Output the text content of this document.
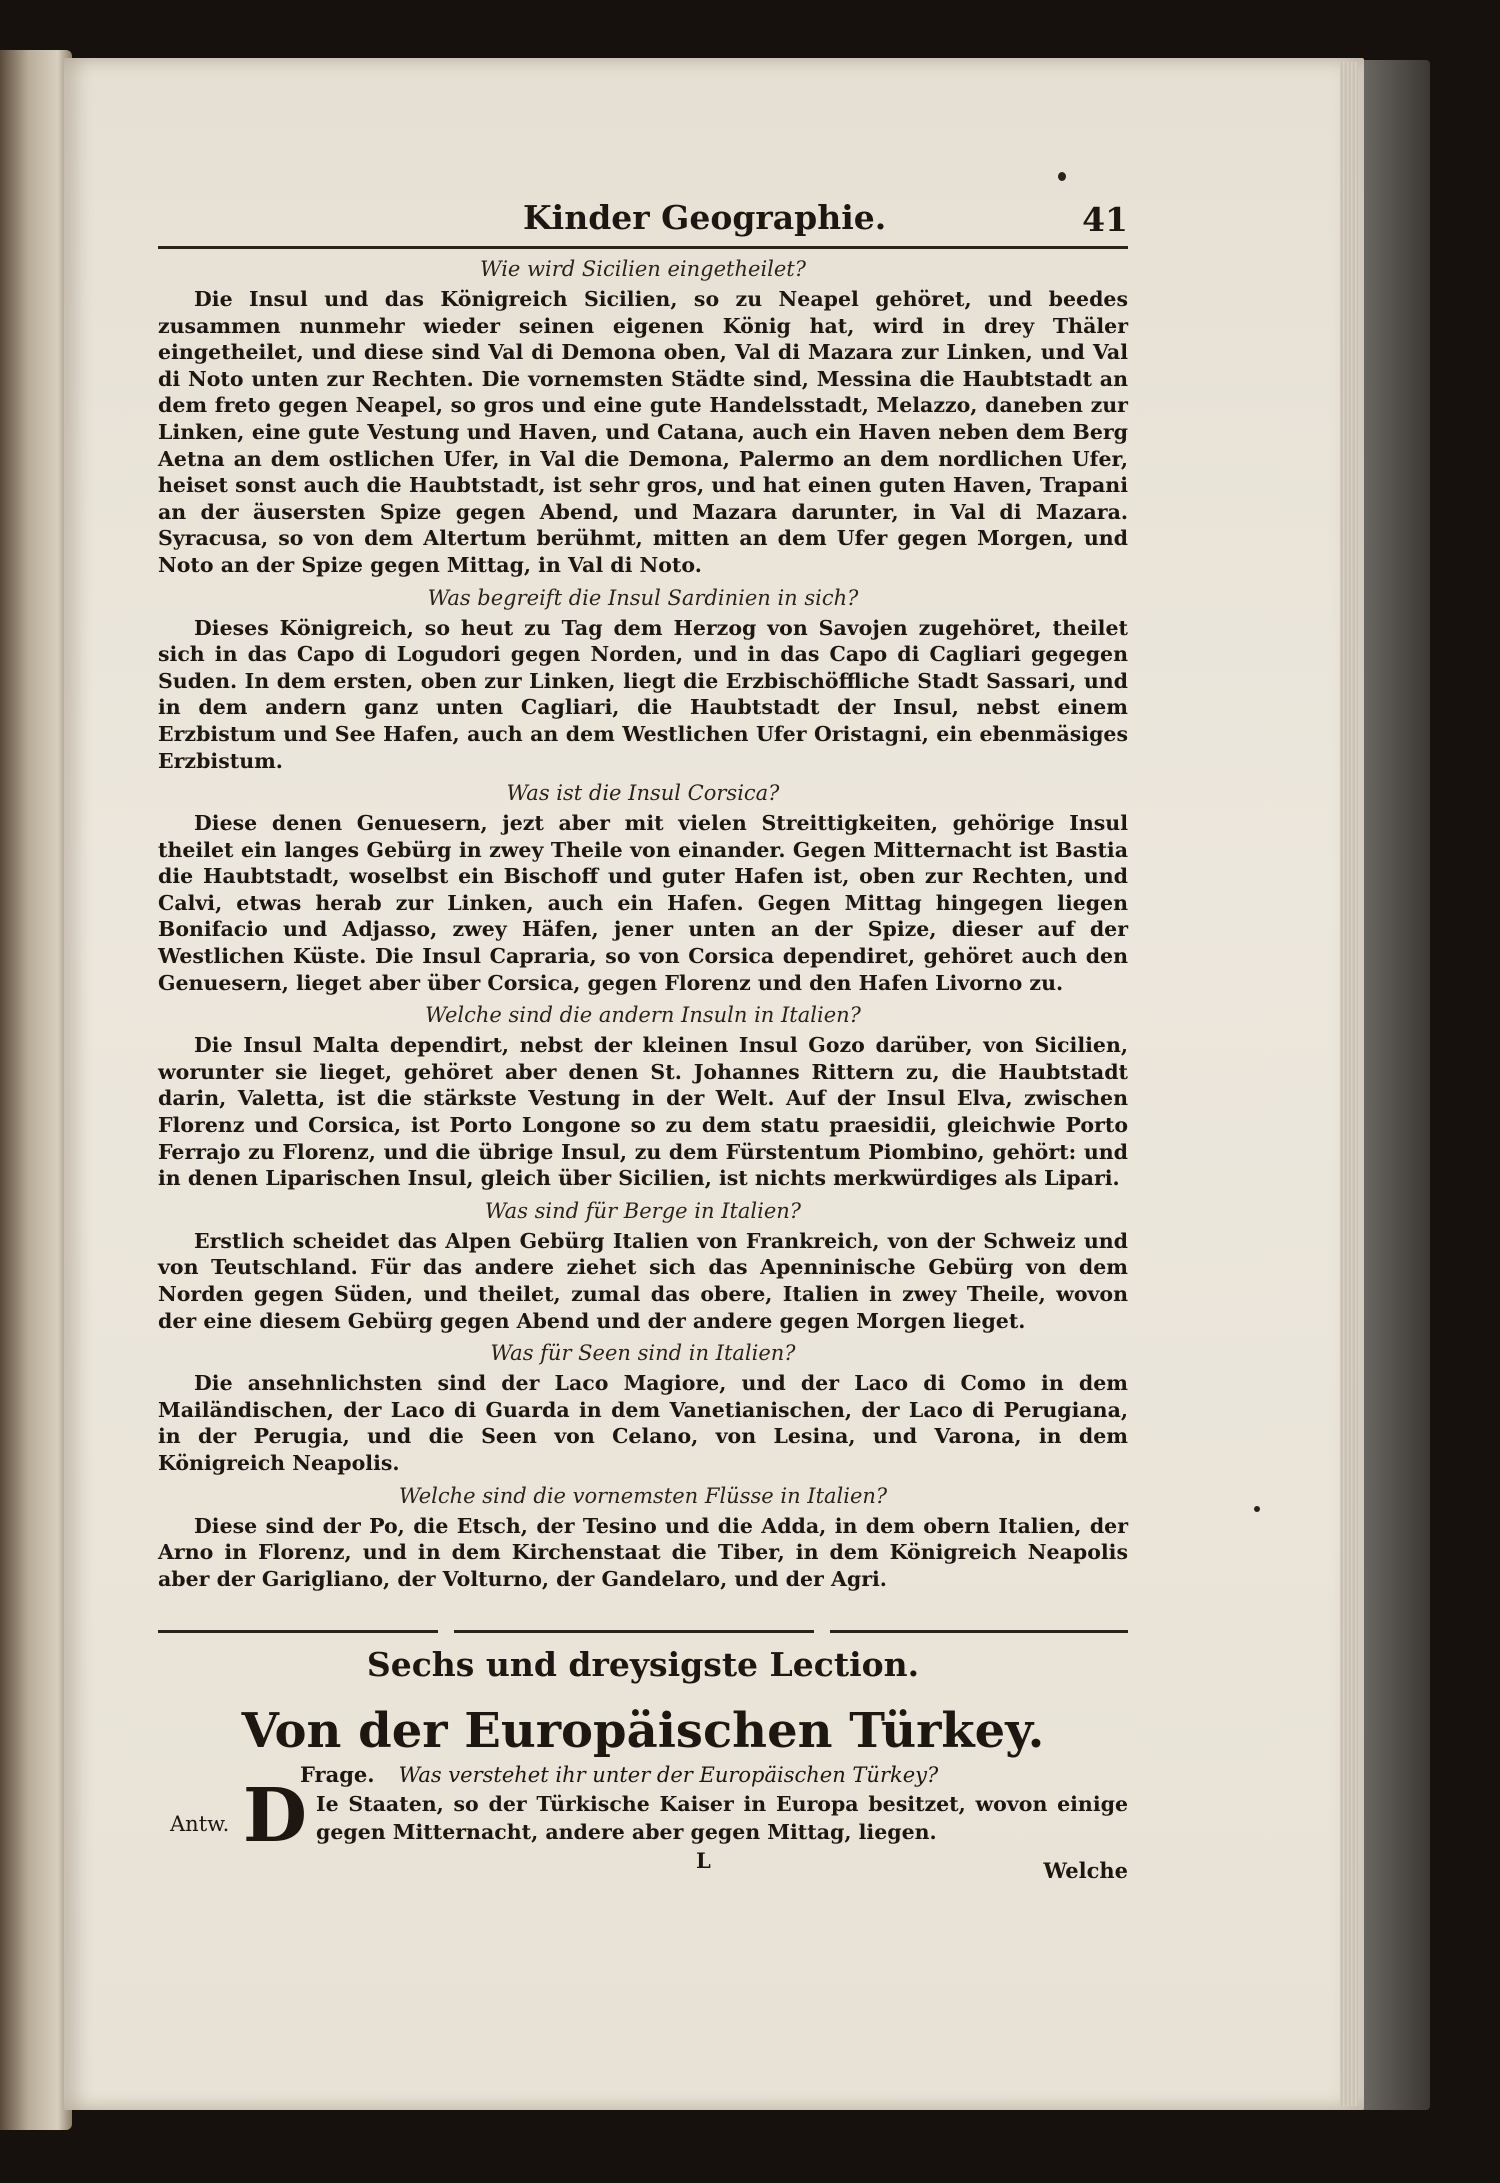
Kinder Geographie.	41
Wie wird Sicilien eingetheilet?

Die Insul und das Königreich Sicilien, so zu Neapel gehöret, und beedes zusammen nunmehr wieder seinen eigenen König hat, wird in drey Thäler eingetheilet, und diese sind Val di Demona oben, Val di Mazara zur Linken, und Val di Noto unten zur Rechten. Die vornemsten Städte sind, Messina die Haubtstadt an dem freto gegen Neapel, so gros und eine gute Handelsstadt, Melazzo, daneben zur Linken, eine gute Vestung und Haven, und Catana, auch ein Haven neben dem Berg Aetna an dem ostlichen Ufer, in Val die Demona, Palermo an dem nordlichen Ufer, heiset sonst auch die Haubtstadt, ist sehr gros, und hat einen guten Haven, Trapani an der äusersten Spize gegen Abend, und Mazara darunter, in Val di Mazara. Syracusa, so von dem Altertum berühmt, mitten an dem Ufer gegen Morgen, und Noto an der Spize gegen Mittag, in Val di Noto.

Was begreift die Insul Sardinien in sich?

Dieses Königreich, so heut zu Tag dem Herzog von Savojen zugehöret, theilet sich in das Capo di Logudori gegen Norden, und in das Capo di Cagliari gegegen Suden. In dem ersten, oben zur Linken, liegt die Erzbischöffliche Stadt Sassari, und in dem andern ganz unten Cagliari, die Haubtstadt der Insul, nebst einem Erzbistum und See Hafen, auch an dem Westlichen Ufer Oristagni, ein ebenmäsiges Erzbistum.

Was ist die Insul Corsica?

Diese denen Genuesern, jezt aber mit vielen Streittigkeiten, gehörige Insul theilet ein langes Gebürg in zwey Theile von einander. Gegen Mitternacht ist Bastia die Haubtstadt, woselbst ein Bischoff und guter Hafen ist, oben zur Rechten, und Calvi, etwas herab zur Linken, auch ein Hafen. Gegen Mittag hingegen liegen Bonifacio und Adjasso, zwey Häfen, jener unten an der Spize, dieser auf der Westlichen Küste. Die Insul Capraria, so von Corsica dependiret, gehöret auch den Genuesern, lieget aber über Corsica, gegen Florenz und den Hafen Livorno zu.

Welche sind die andern Insuln in Italien?

Die Insul Malta dependirt, nebst der kleinen Insul Gozo darüber, von Sicilien, worunter sie lieget, gehöret aber denen St. Johannes Rittern zu, die Haubtstadt darin, Valetta, ist die stärkste Vestung in der Welt. Auf der Insul Elva, zwischen Florenz und Corsica, ist Porto Longone so zu dem statu praesidii, gleichwie Porto Ferrajo zu Florenz, und die übrige Insul, zu dem Fürstentum Piombino, gehört: und in denen Liparischen Insul, gleich über Sicilien, ist nichts merkwürdiges als Lipari.

Was sind für Berge in Italien?

Erstlich scheidet das Alpen Gebürg Italien von Frankreich, von der Schweiz und von Teutschland. Für das andere ziehet sich das Apenninische Gebürg von dem Norden gegen Süden, und theilet, zumal das obere, Italien in zwey Theile, wovon der eine diesem Gebürg gegen Abend und der andere gegen Morgen lieget.

Was für Seen sind in Italien?

Die ansehnlichsten sind der Laco Magiore, und der Laco di Como in dem Mailändischen, der Laco di Guarda in dem Vanetianischen, der Laco di Perugiana, in der Perugia, und die Seen von Celano, von Lesina, und Varona, in dem Königreich Neapolis.

Welche sind die vornemsten Flüsse in Italien?

Diese sind der Po, die Etsch, der Tesino und die Adda, in dem obern Italien, der Arno in Florenz, und in dem Kirchenstaat die Tiber, in dem Königreich Neapolis aber der Garigliano, der Volturno, der Gandelaro, und der Agri.

Sechs und dreysigste Lection.
Von der Europäischen Türkey.
Frage. Was verstehet ihr unter der Europäischen Türkey?
Antw. D Ie Staaten, so der Türkische Kaiser in Europa besitzet, wovon einige gegen Mitternacht, andere aber gegen Mittag, liegen.
L	Welche
